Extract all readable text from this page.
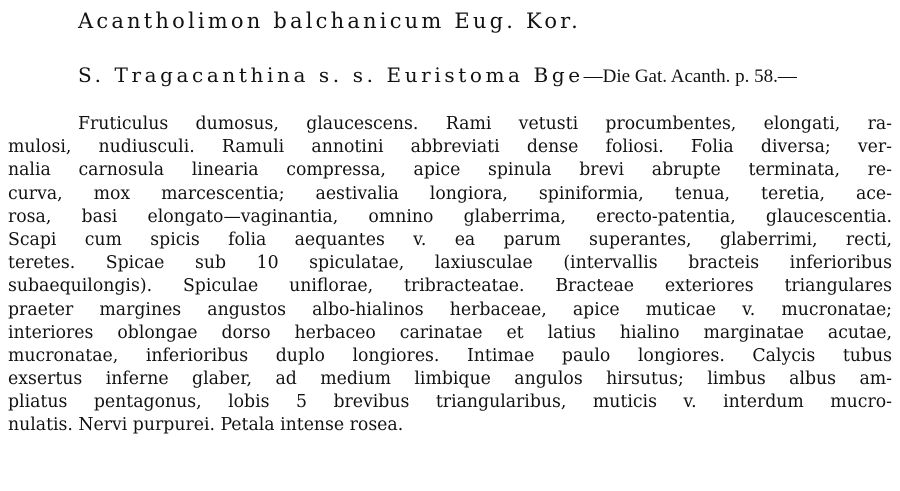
Acantholimon balchanicum Eug. Kor.
S. Tragacanthina s. s. Euristoma Bge—Die Gat. Acanth. p. 58.—
Fruticulus dumosus, glaucescens. Rami vetusti procumbentes, elongati, ra-
mulosi, nudiusculi. Ramuli annotini abbreviati dense foliosi. Folia diversa; ver-
nalia carnosula linearia compressa, apice spinula brevi abrupte terminata, re-
curva, mox marcescentia; aestivalia longiora, spiniformia, tenua, teretia, ace-
rosa, basi elongato—vaginantia, omnino glaberrima, erecto-patentia, glaucescentia.
Scapi cum spicis folia aequantes v. ea parum superantes, glaberrimi, recti,
teretes. Spicae sub 10 spiculatae, laxiusculae (intervallis bracteis inferioribus
subaequilongis). Spiculae uniflorae, tribracteatae. Bracteae exteriores triangulares
praeter margines angustos albo-hialinos herbaceae, apice muticae v. mucronatae;
interiores oblongae dorso herbaceo carinatae et latius hialino marginatae acutae,
mucronatae, inferioribus duplo longiores. Intimae paulo longiores. Calycis tubus
exsertus inferne glaber, ad medium limbique angulos hirsutus; limbus albus am-
pliatus pentagonus, lobis 5 brevibus triangularibus, muticis v. interdum mucro-
nulatis. Nervi purpurei. Petala intense rosea.
